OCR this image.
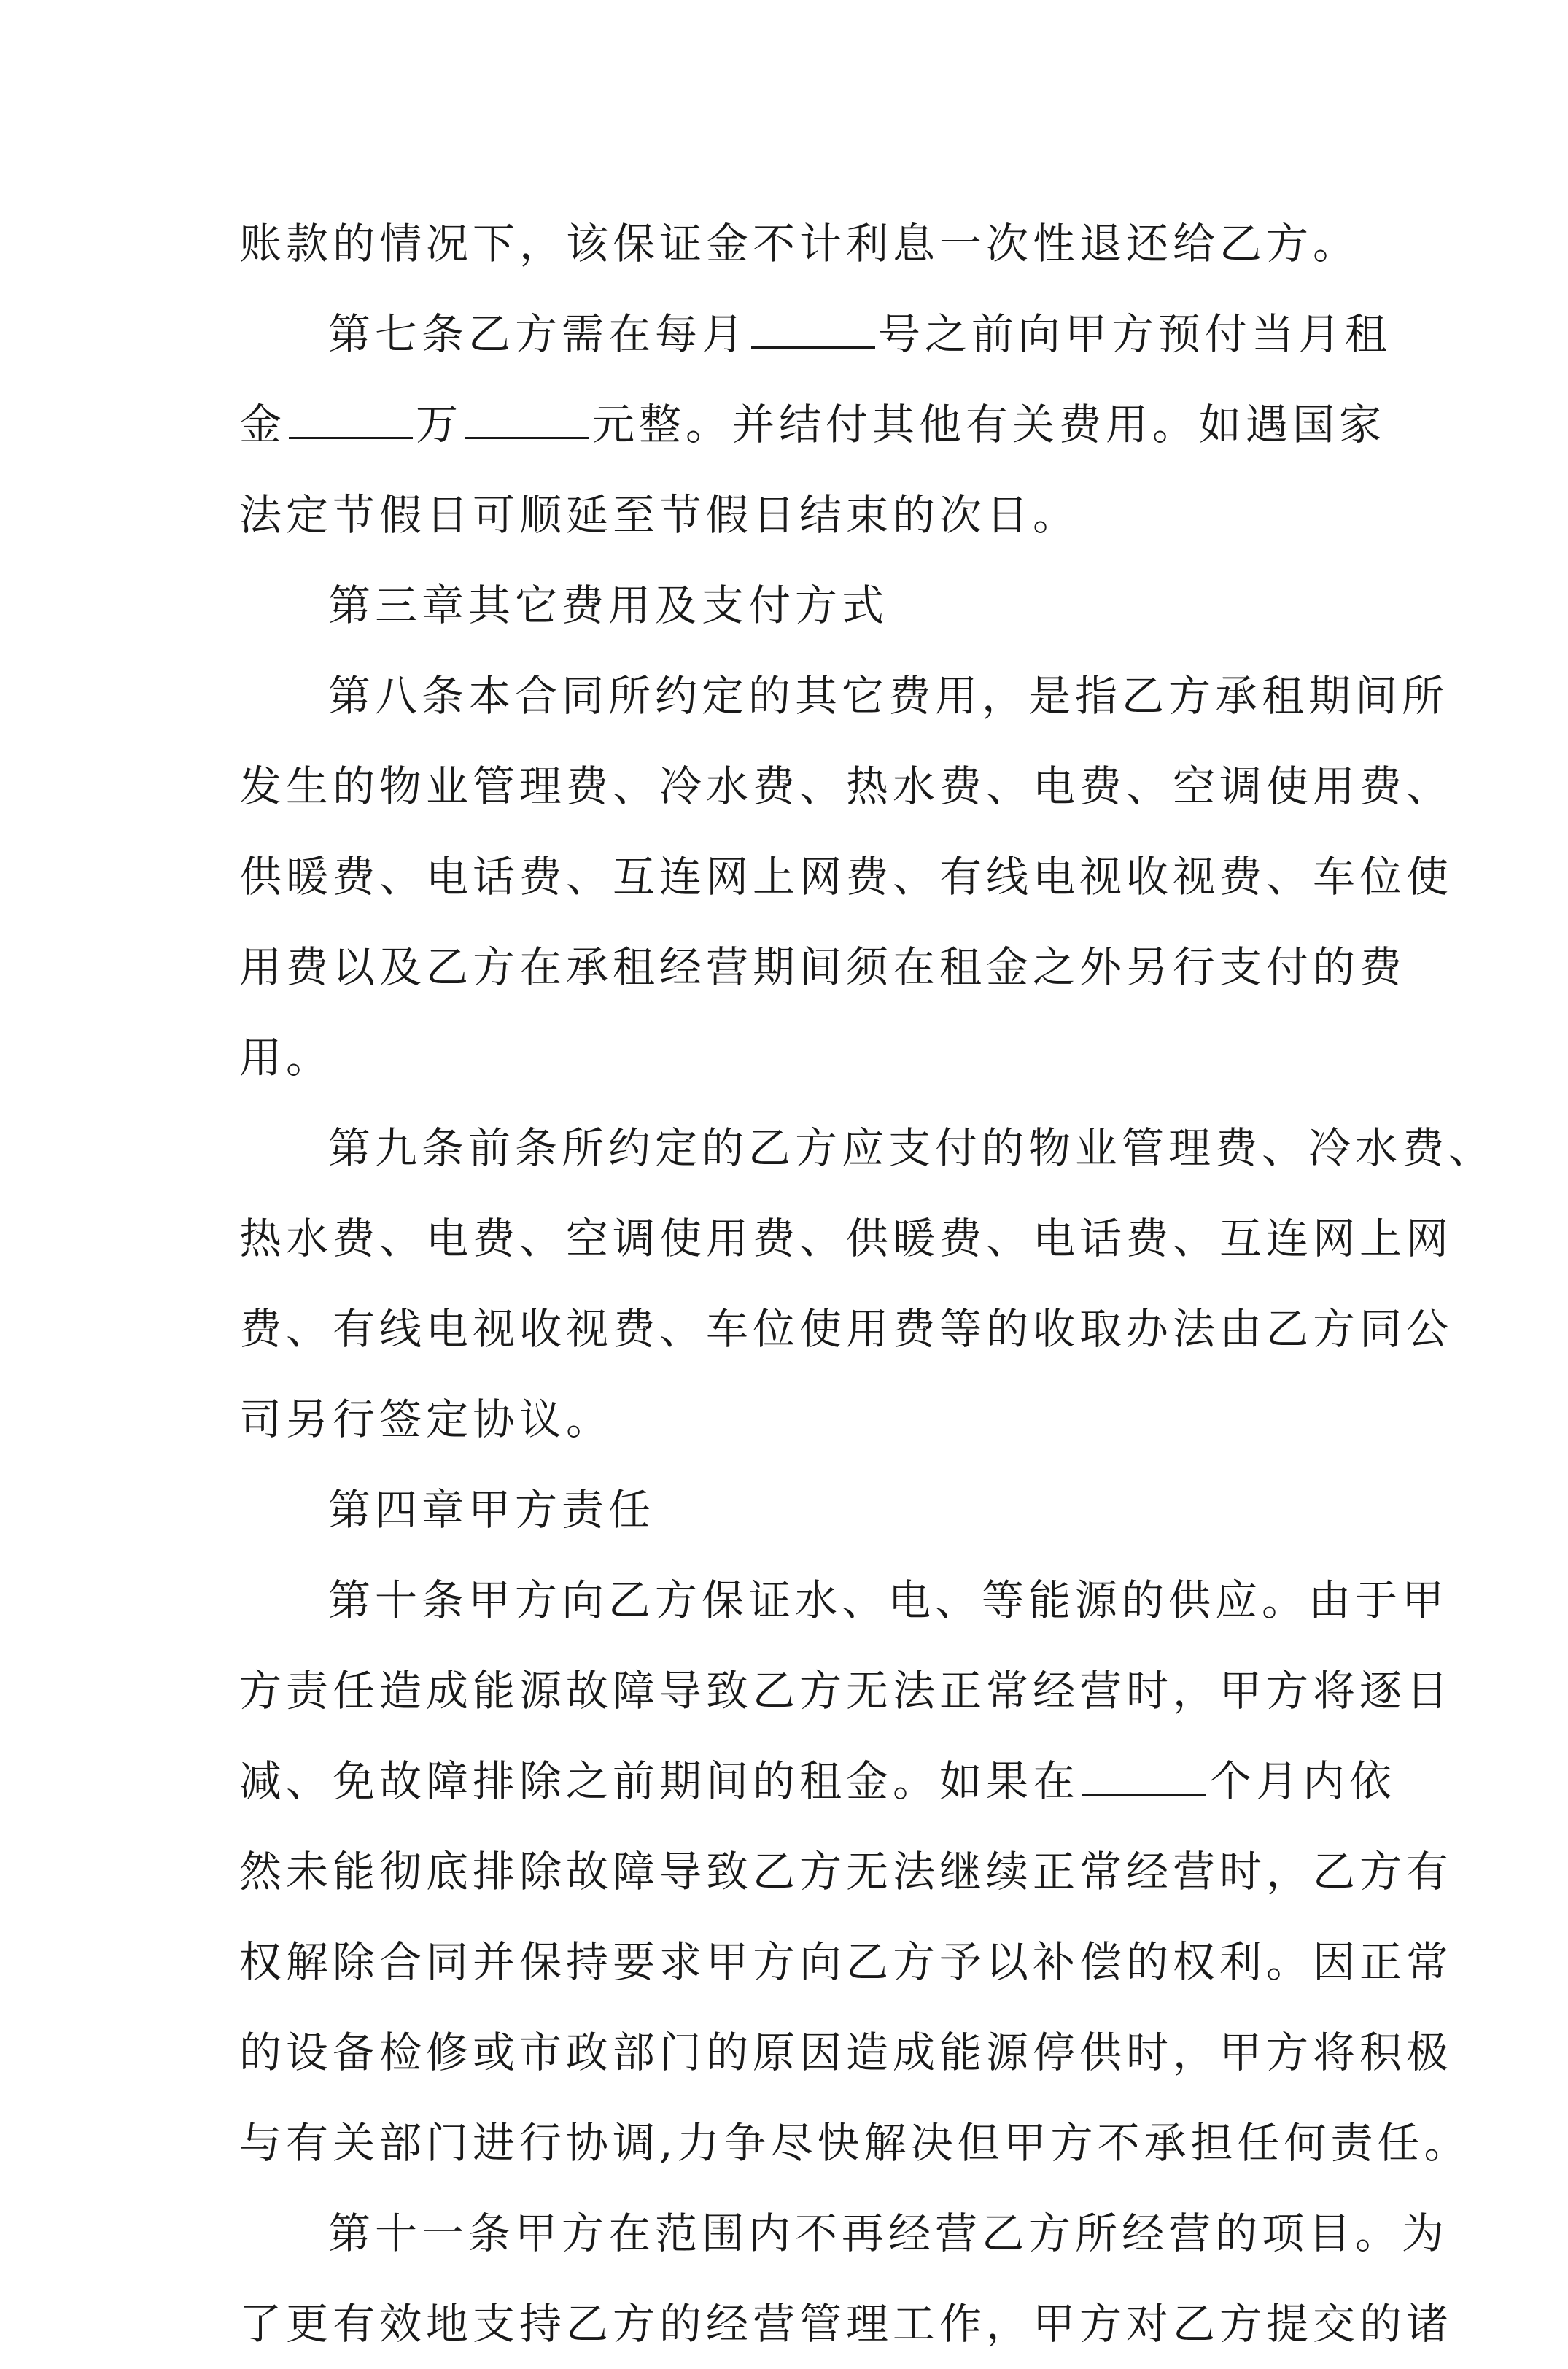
账款的情况下，该保证金不计利息一次性退还给乙方。
第七条乙方需在每月	号之前向甲方预付当月租
金	万	元整。并结付其他有关费用。如遇国家
法定节假日可顺延至节假日结束的次日。
第三章其它费用及支付方式
第八条本合同所约定的其它费用，是指乙方承租期间所
发生的物业管理费、冷水费、热水费、电费、空调使用费、
供暖费、电话费、互连网上网费、有线电视收视费、车位使
用费以及乙方在承租经营期间须在租金之外另行支付的费
用。
第九条前条所约定的乙方应支付的物业管理费、冷水费、
热水费、电费、空调使用费、供暖费、电话费、互连网上网
费、有线电视收视费、车位使用费等的收取办法由乙方同公
司另行签定协议。
第四章甲方责任
第十条甲方向乙方保证水、电、等能源的供应。由于甲
方责任造成能源故障导致乙方无法正常经营时，甲方将逐日
减、免故障排除之前期间的租金。如果在	个月内依
然未能彻底排除故障导致乙方无法继续正常经营时，乙方有
权解除合同并保持要求甲方向乙方予以补偿的权利。因正常
的设备检修或市政部门的原因造成能源停供时，甲方将积极
与有关部门进行协调,力争尽快解决但甲方不承担任何责任。
第十一条甲方在范围内不再经营乙方所经营的项目。为
了更有效地支持乙方的经营管理工作，甲方对乙方提交的诸
